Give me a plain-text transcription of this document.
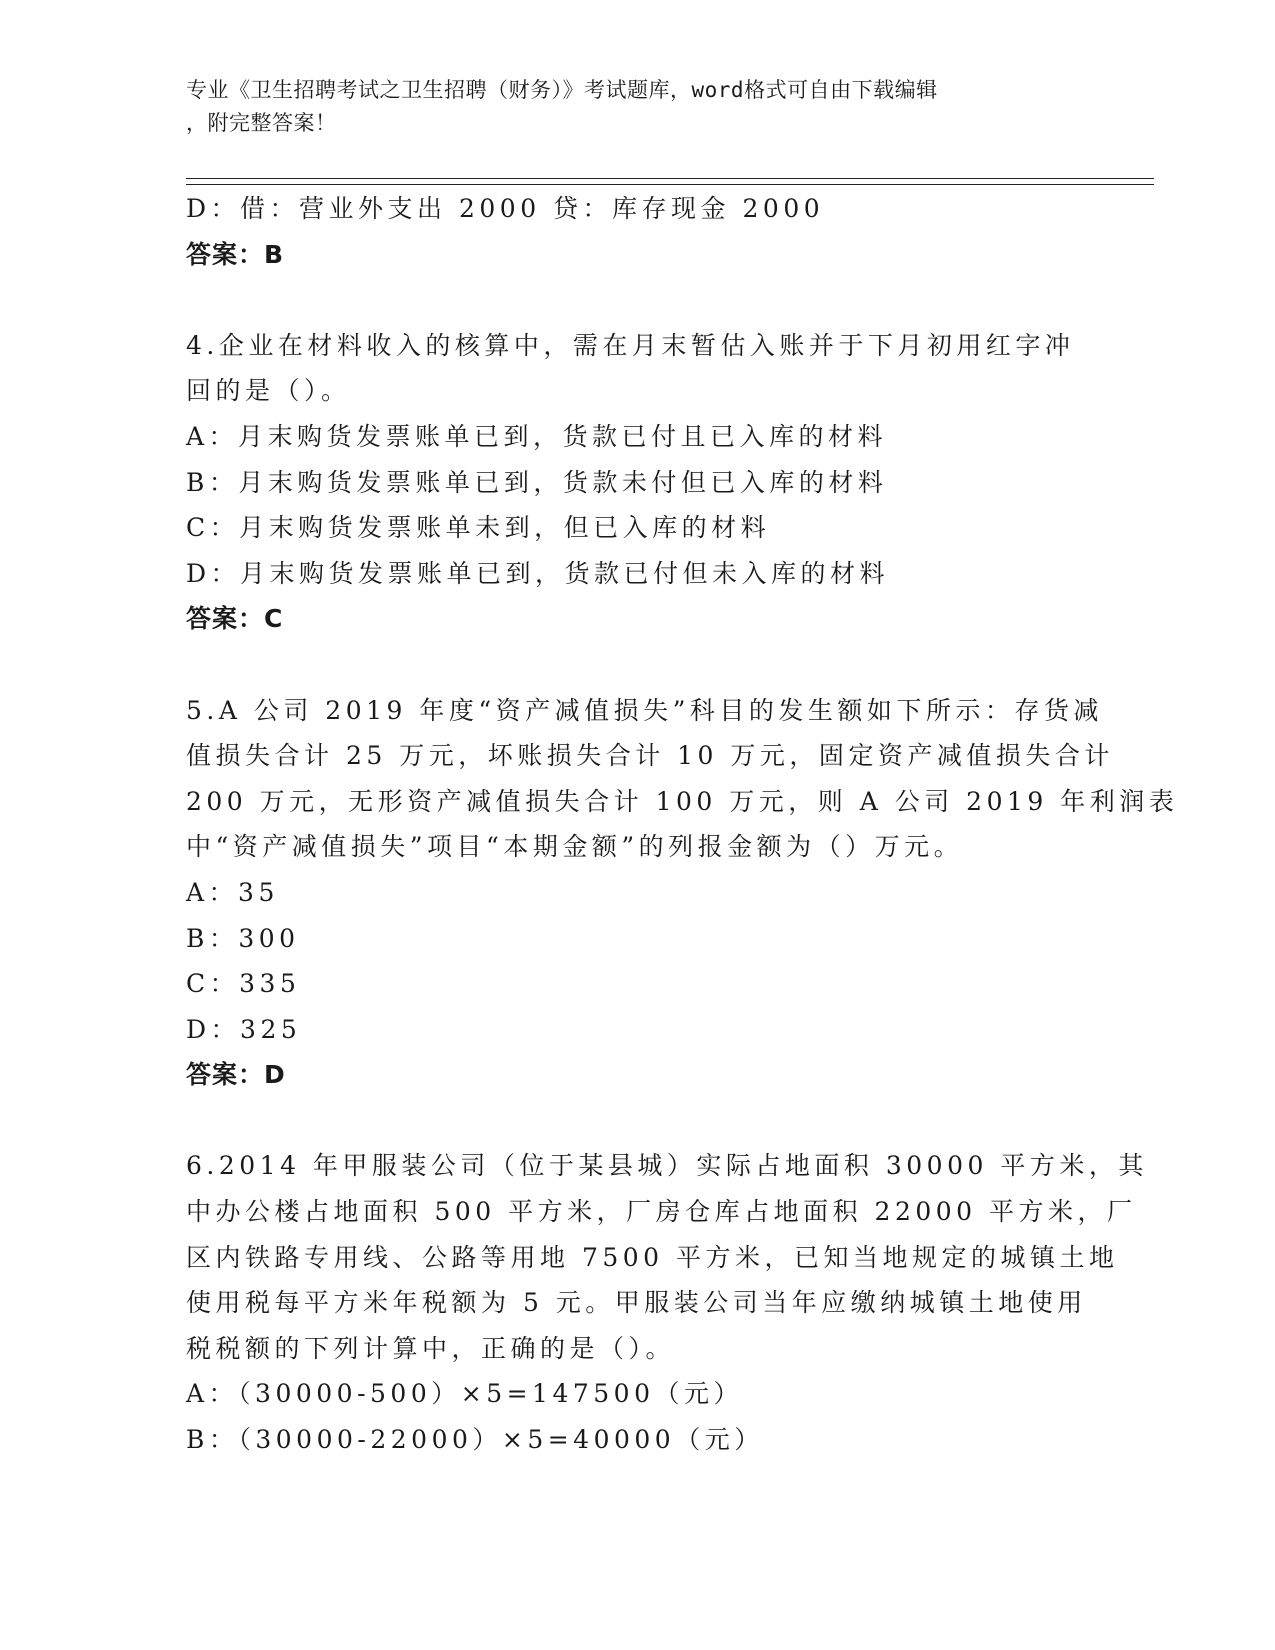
专业《卫生招聘考试之卫生招聘（财务）》考试题库，word格式可自由下载编辑
，附完整答案！
D：借：营业外支出 2000 贷：库存现金 2000
答案：B
4.企业在材料收入的核算中，需在月末暂估入账并于下月初用红字冲
回的是（）。
A：月末购货发票账单已到，货款已付且已入库的材料
B：月末购货发票账单已到，货款未付但已入库的材料
C：月末购货发票账单未到，但已入库的材料
D：月末购货发票账单已到，货款已付但未入库的材料
答案：C
5.A 公司 2019 年度“资产减值损失”科目的发生额如下所示：存货减
值损失合计 25 万元，坏账损失合计 10 万元，固定资产减值损失合计
200 万元，无形资产减值损失合计 100 万元，则 A 公司 2019 年利润表
中“资产减值损失”项目“本期金额”的列报金额为（）万元。
A：35
B：300
C：335
D：325
答案：D
6.2014 年甲服装公司（位于某县城）实际占地面积 30000 平方米，其
中办公楼占地面积 500 平方米，厂房仓库占地面积 22000 平方米，厂
区内铁路专用线、公路等用地 7500 平方米，已知当地规定的城镇土地
使用税每平方米年税额为 5 元。甲服装公司当年应缴纳城镇土地使用
税税额的下列计算中，正确的是（）。
A：（30000-500）×5=147500（元）
B：（30000-22000）×5=40000（元）
